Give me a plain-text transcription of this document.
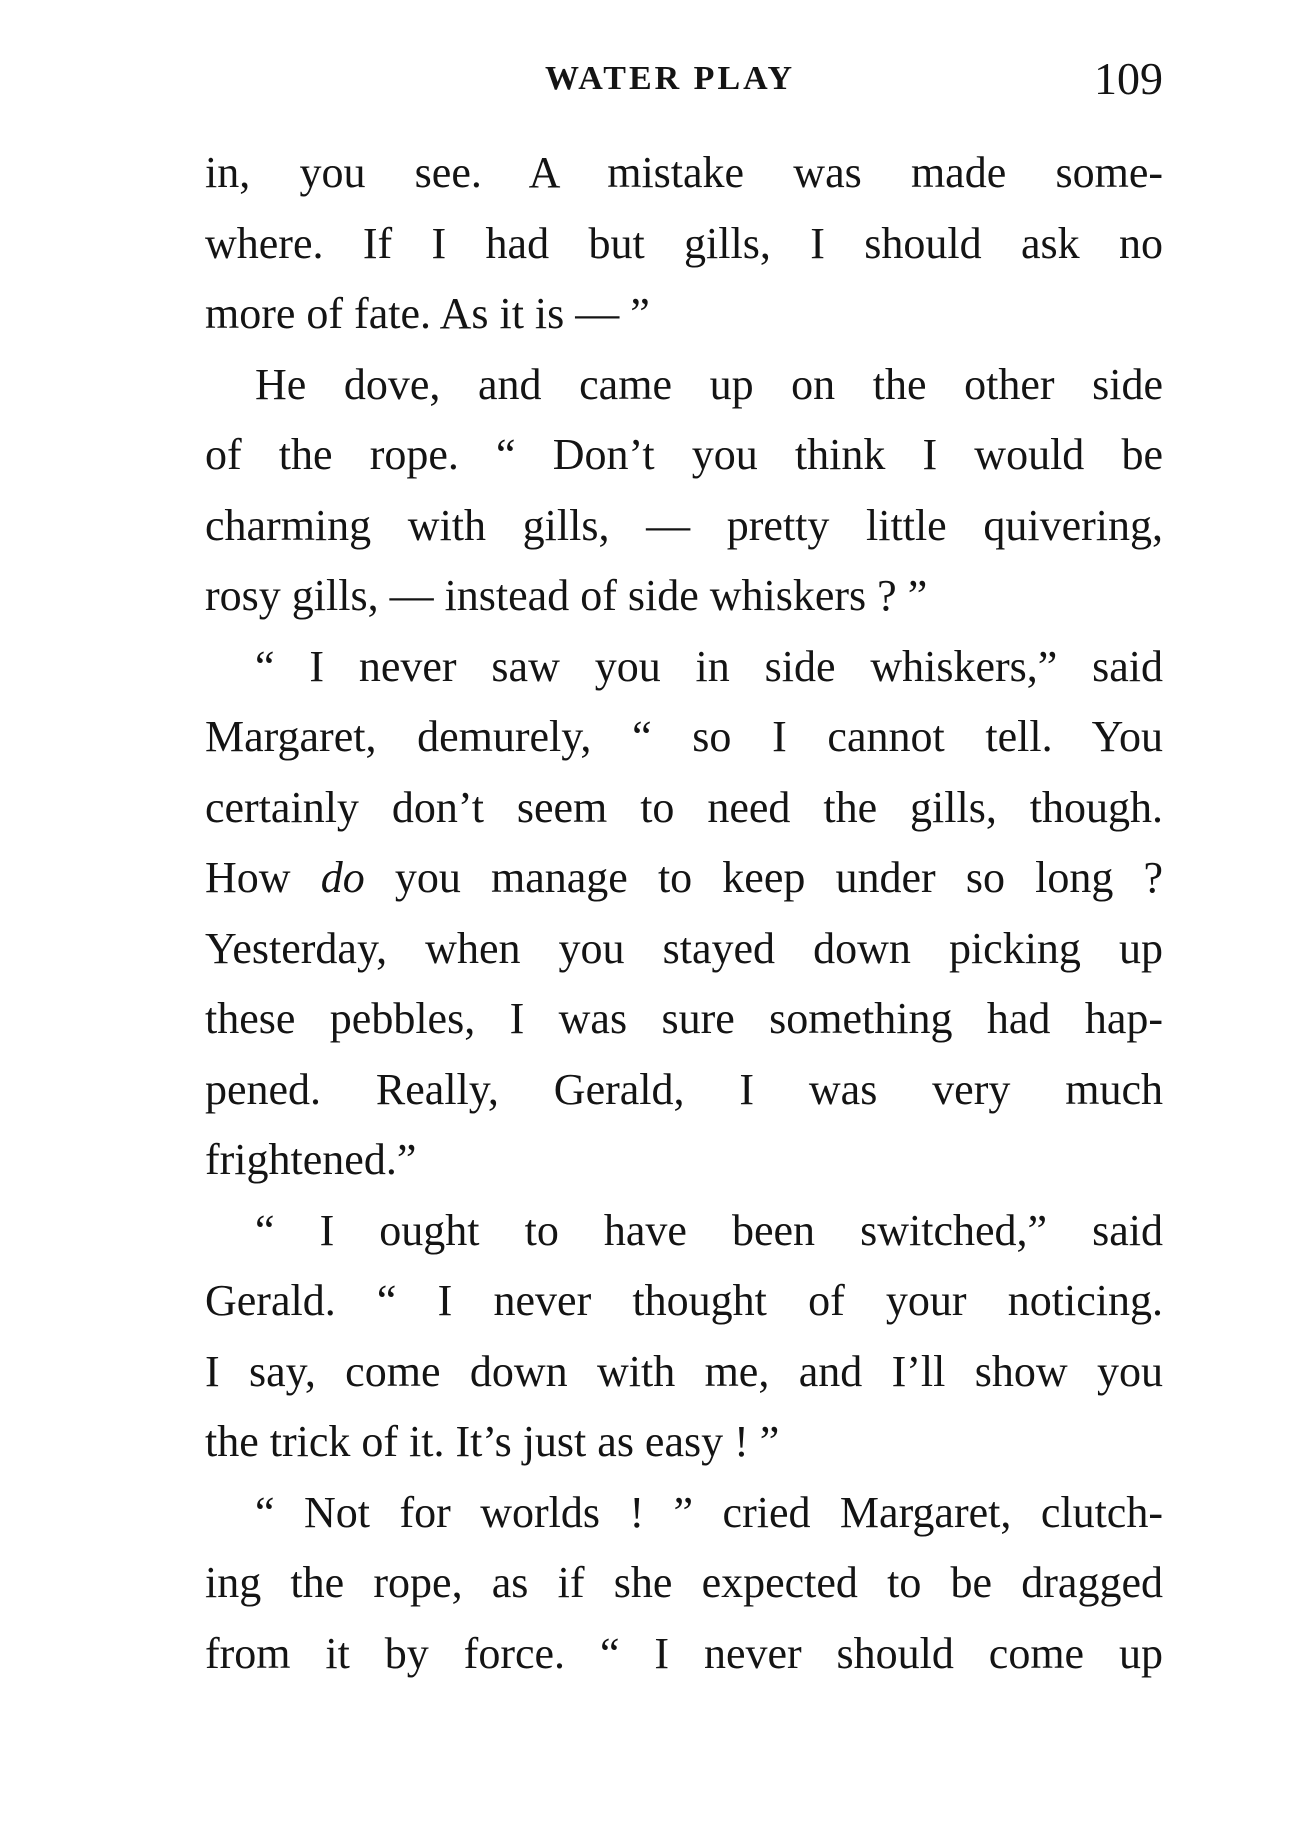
WATER PLAY	109
in, you see. A mistake was made some-
where. If I had but gills, I should ask no
more of fate. As it is — ”
He dove, and came up on the other side
of the rope. “ Don’t you think I would be
charming with gills, — pretty little quivering,
rosy gills, — instead of side whiskers ? ”
“ I never saw you in side whiskers,” said
Margaret, demurely, “ so I cannot tell. You
certainly don’t seem to need the gills, though.
How do you manage to keep under so long ?
Yesterday, when you stayed down picking up
these pebbles, I was sure something had hap-
pened. Really, Gerald, I was very much
frightened.”
“ I ought to have been switched,” said
Gerald. “ I never thought of your noticing.
I say, come down with me, and I’ll show you
the trick of it. It’s just as easy ! ”
“ Not for worlds ! ” cried Margaret, clutch-
ing the rope, as if she expected to be dragged
from it by force. “ I never should come up
